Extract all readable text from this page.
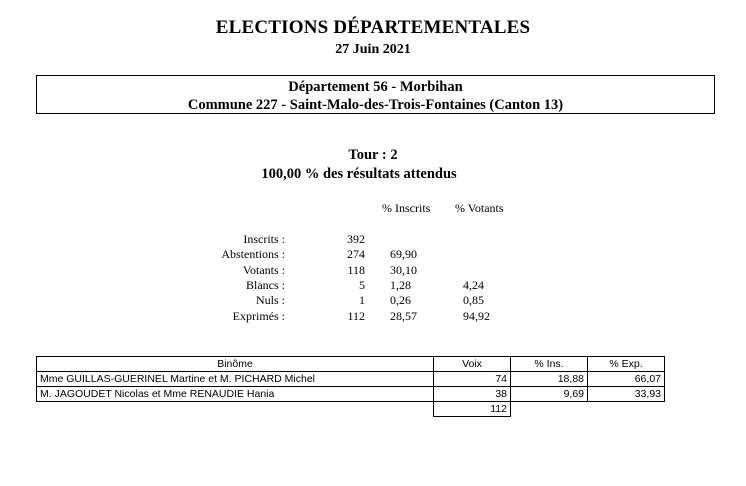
ELECTIONS DÉPARTEMENTALES
27 Juin 2021
Département 56 - Morbihan
Commune 227 - Saint-Malo-des-Trois-Fontaines (Canton 13)
Tour : 2
100,00 % des résultats attendus
% Inscrits % Votants
Inscrits :	392
Abstentions :	274 69,90
Votants :	118 30,10
Blancs :	5 1,28	4,24
Nuls :	1 0,26	0,85
Exprimés :	112 28,57	94,92
Binôme	Voix	% Ins.	% Exp.
Mme GUILLAS-GUERINEL Martine et M. PICHARD Michel	74	18,88	66,07
M. JAGOUDET Nicolas et Mme RENAUDIE Hania	38	9,69	33,93
	112		
